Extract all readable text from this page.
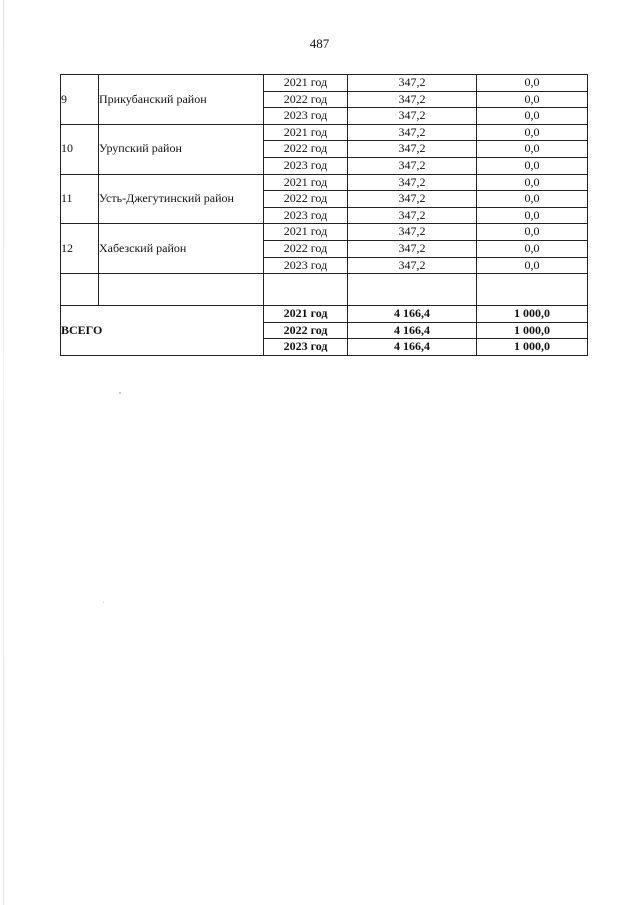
487
9	Прикубанский район	2021 год	347,2	0,0
		2022 год	347,2	0,0
		2023 год	347,2	0,0
10	Урупский район	2021 год	347,2	0,0
		2022 год	347,2	0,0
		2023 год	347,2	0,0
11	Усть-Джегутинский район	2021 год	347,2	0,0
		2022 год	347,2	0,0
		2023 год	347,2	0,0
12	Хабезский район	2021 год	347,2	0,0
		2022 год	347,2	0,0
		2023 год	347,2	0,0

ВСЕГО		2021 год	4 166,4	1 000,0
		2022 год	4 166,4	1 000,0
		2023 год	4 166,4	1 000,0
